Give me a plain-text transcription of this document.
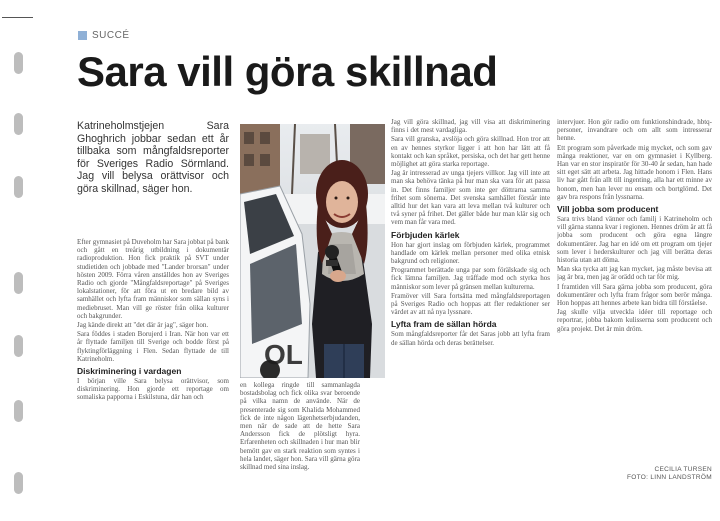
SUCCÉ
Sara vill göra skillnad
Katrineholmstjejen Sara Ghoghrich jobbar sedan ett år tillbaka som mångfaldsreporter för Sveriges Radio Sörmland. Jag vill belysa orättvisor och göra skillnad, säger hon.

Efter gymnasiet på Duveholm har Sara jobbat på bank och gått en treårig utbildning i dokumentär radioproduktion. Hon fick praktik på SVT under studietiden och jobbade med "Lander brorsan" under hösten 2009. Förra våren anställdes hon av Sveriges Radio och gjorde "Mångfaldsreportage" på Sveriges lokalstationer, för att föra ut en bredare bild av samhället och lyfta fram människor som sällan syns i mediebruset. Man vill ge röster från olika kulturer och bakgrunder.

Jag kände direkt att "det där är jag", säger hon.

Sara föddes i staden Borujerd i Iran. När hon var ett år flyttade familjen till Sverige och bodde först på flyktingförläggning i Flen. Sedan flyttade de till Katrineholm.

Diskriminering i vardagen

I början ville Sara belysa orättvisor, som diskriminering. Hon gjorde ett reportage om somaliska papporna i Eskilstuna, där han och

OL

en kollega ringde till sammanlagda bostadsbolag och fick olika svar beroende på vilka namn de använde. När de presenterade sig som Khalida Mohammed fick de inte någon lägenhetserbjudanden, men när de sade att de hette Sara Andersson fick de plötsligt hyra. Erfarenheten och skillnaden i hur man blir bemött gav en stark reaktion som syntes i hela landet, säger hon. Sara vill gärna göra skillnad med sina inslag.

Jag vill göra skillnad, jag vill visa att diskriminering finns i det mest vardagliga.

Sara vill granska, avslöja och göra skillnad. Hon tror att en av hennes styrkor ligger i att hon har lätt att få kontakt och kan språket, persiska, och det har gett henne möjlighet att göra starka reportage.

Jag är intresserad av unga tjejers villkor. Jag vill inte att man ska behöva tänka på hur man ska vara för att passa in. Det finns familjer som inte ger döttrarna samma frihet som sönerna. Det svenska samhället förstår inte alltid hur det kan vara att leva mellan två kulturer och två syner på frihet. Det gäller både hur man klär sig och vem man får vara med.

Förbjuden kärlek

Hon har gjort inslag om förbjuden kärlek, programmet handlade om kärlek mellan personer med olika etnisk bakgrund och religioner.

Programmet berättade unga par som förälskade sig och fick lämna familjen. Jag träffade mod och styrka hos människor som lever på gränsen mellan kulturerna.

Framöver vill Sara fortsätta med mångfaldsreportagen på Sveriges Radio och hoppas att fler redaktioner ser värdet av att nå nya lyssnare.

Lyfta fram de sällan hörda

Som mångfaldsreporter får det Saras jobb att lyfta fram de sällan hörda och deras berättelser.

intervjuer. Hon gör radio om funktionshindrade, hbtq-personer, invandrare och om allt som intresserar henne.

Ett program som påverkade mig mycket, och som gav många reaktioner, var en om gymnasiet i Kyllberg. Han var en stor inspiratör för 30-40 år sedan, han hade sitt eget sätt att arbeta. Jag hittade honom i Flen. Hans liv har gått från allt till ingenting, alla har ett minne av honom, men han lever nu ensam och bortglömd. Det gav bra respons från lyssnarna.

Vill jobba som producent

Sara trivs bland vänner och familj i Katrineholm och vill gärna stanna kvar i regionen. Hennes dröm är att få jobba som producent och göra egna längre dokumentärer. Jag har en idé om ett program om tjejer som lever i hederskulturer och jag vill berätta deras historia utan att döma.

Man ska tycka att jag kan mycket, jag måste bevisa att jag är bra, men jag är orädd och tar för mig.

I framtiden vill Sara gärna jobba som producent, göra dokumentärer och lyfta fram frågor som berör många. Hon hoppas att hennes arbete kan bidra till förståelse.

Jag skulle vilja utveckla idéer till reportage och reportrar, jobba bakom kulisserna som producent och göra projekt. Det är min dröm.

CECILIA TURSEN
FOTO: LINN LANDSTRÖM
